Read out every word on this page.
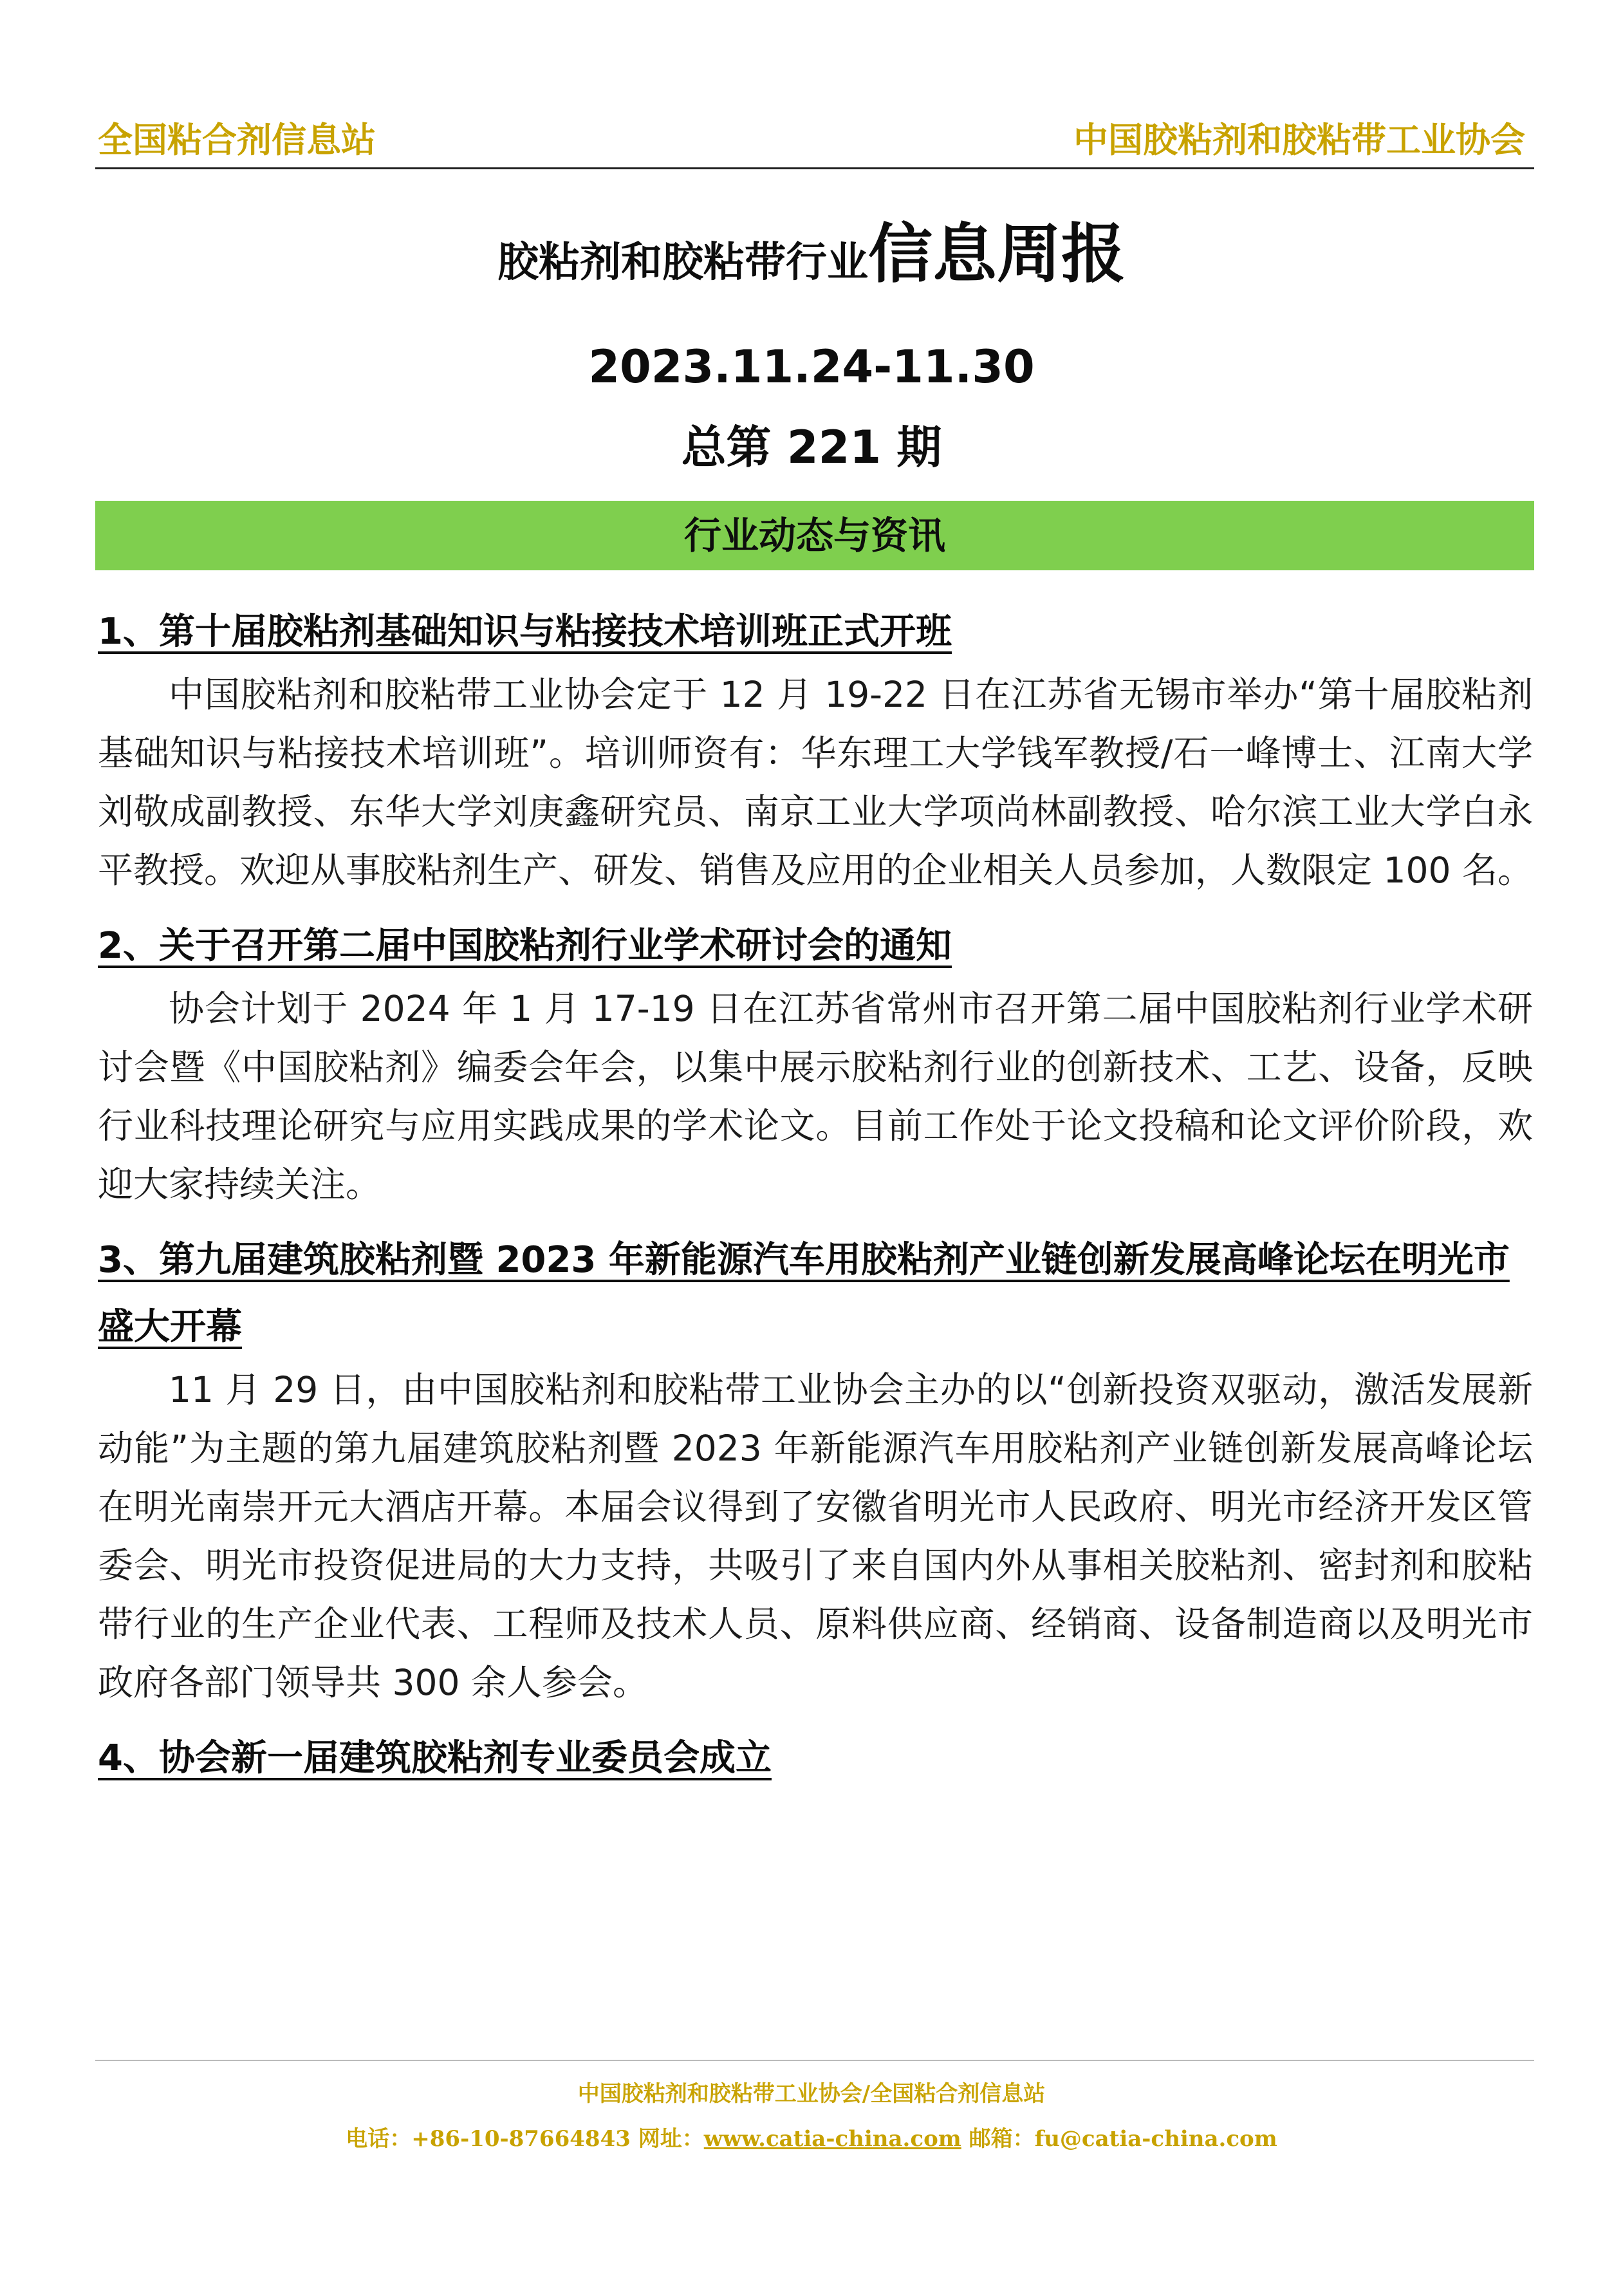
全国粘合剂信息站	中国胶粘剂和胶粘带工业协会
胶粘剂和胶粘带行业信息周报
2023.11.24-11.30
总第 221 期
行业动态与资讯
1、第十届胶粘剂基础知识与粘接技术培训班正式开班

中国胶粘剂和胶粘带工业协会定于 12 月 19-22 日在江苏省无锡市举办“第十届胶粘剂基础知识与粘接技术培训班”。培训师资有：华东理工大学钱军教授/石一峰博士、江南大学刘敬成副教授、东华大学刘庚鑫研究员、南京工业大学项尚林副教授、哈尔滨工业大学白永平教授。欢迎从事胶粘剂生产、研发、销售及应用的企业相关人员参加，人数限定 100 名。

2、关于召开第二届中国胶粘剂行业学术研讨会的通知

协会计划于 2024 年 1 月 17-19 日在江苏省常州市召开第二届中国胶粘剂行业学术研讨会暨《中国胶粘剂》编委会年会，以集中展示胶粘剂行业的创新技术、工艺、设备，反映行业科技理论研究与应用实践成果的学术论文。目前工作处于论文投稿和论文评价阶段，欢迎大家持续关注。

3、第九届建筑胶粘剂暨 2023 年新能源汽车用胶粘剂产业链创新发展高峰论坛在明光市盛大开幕

11 月 29 日，由中国胶粘剂和胶粘带工业协会主办的以“创新投资双驱动，激活发展新动能”为主题的第九届建筑胶粘剂暨 2023 年新能源汽车用胶粘剂产业链创新发展高峰论坛在明光南崇开元大酒店开幕。本届会议得到了安徽省明光市人民政府、明光市经济开发区管委会、明光市投资促进局的大力支持，共吸引了来自国内外从事相关胶粘剂、密封剂和胶粘带行业的生产企业代表、工程师及技术人员、原料供应商、经销商、设备制造商以及明光市政府各部门领导共 300 余人参会。

4、协会新一届建筑胶粘剂专业委员会成立
中国胶粘剂和胶粘带工业协会/全国粘合剂信息站
电话：+86-10-87664843 网址：www.catia-china.com 邮箱：fu@catia-china.com
